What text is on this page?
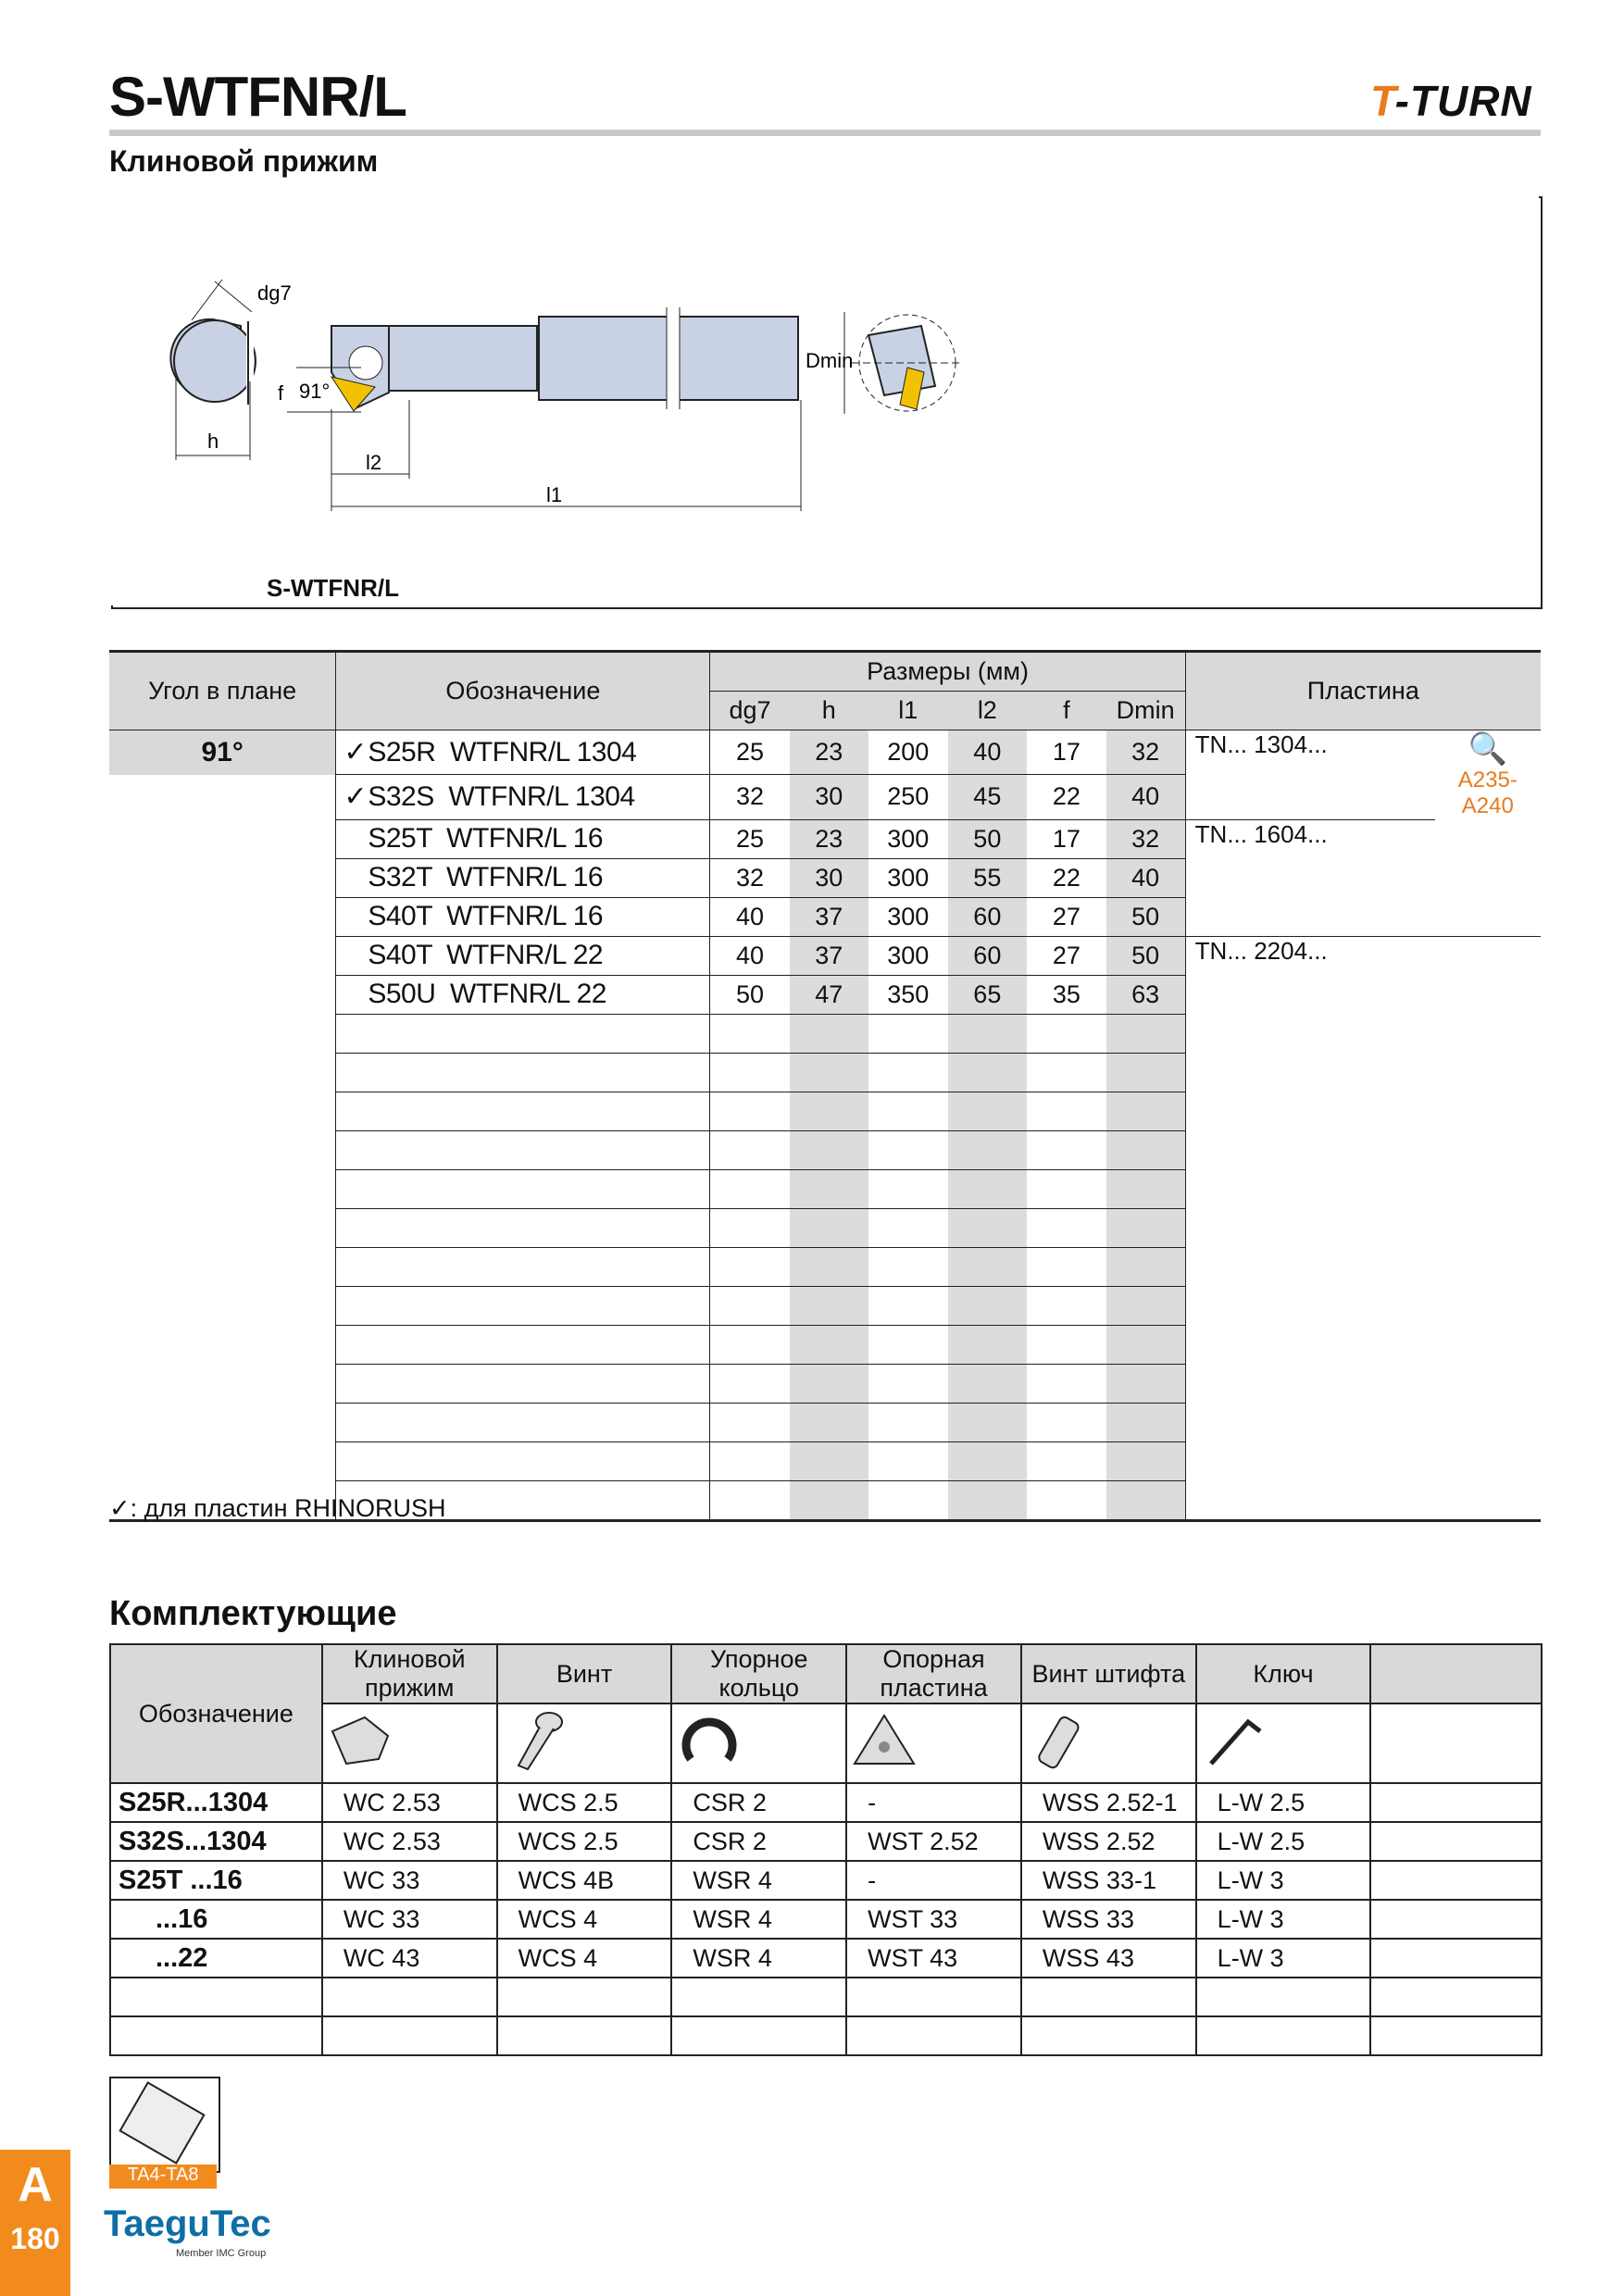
S-WTFNR/L	T-TURN
Клиновой прижим
dg7
h
f 91°
l2
l1
Dmin
S-WTFNR/L
Угол в плане	Обозначение	Размеры (мм)						Пластина	
		dg7	h	l1	l2	f	Dmin		
91°	✓S25R  WTFNR/L 1304	25	23	200	40	17	32	TN... 1304...	🔍
A235-A240

	✓S32S  WTFNR/L 1304	32	30	250	45	22	40		
	S25T  WTFNR/L 16	25	23	300	50	17	32	TN... 1604...	
	S32T  WTFNR/L 16	32	30	300	55	22	40		
	S40T  WTFNR/L 16	40	37	300	60	27	50		
	S40T  WTFNR/L 22	40	37	300	60	27	50	TN... 2204...	
	S50U  WTFNR/L 22	50	47	350	65	35	63		

✓: для пластин RHINORUSH
Комплектующие
Обозначение	Клиновой прижим	Винт	Упорное кольцо	Опорная пластина	Винт штифта	Ключ	

S25R...1304	WC 2.53	WCS 2.5	CSR 2	-	WSS 2.52-1	L-W 2.5	
S32S...1304	WC 2.53	WCS 2.5	CSR 2	WST 2.52	WSS 2.52	L-W 2.5	
S25T ...16	WC 33	WCS 4B	WSR 4	-	WSS 33-1	L-W 3	
...16	WC 33	WCS 4	WSR 4	WST 33	WSS 33	L-W 3	
...22	WC 43	WCS 4	WSR 4	WST 43	WSS 43	L-W 3	

TA4-TA8
A
180 TaeguTec
Member IMC Group
